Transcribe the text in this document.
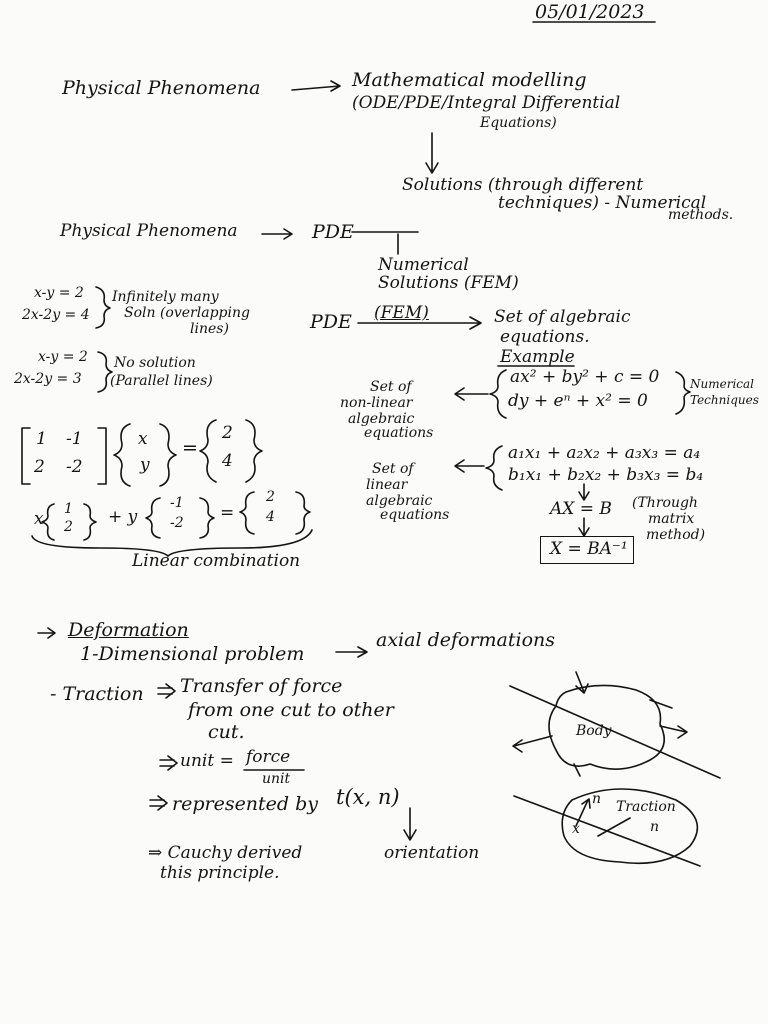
05/01/2023
Physical Phenomena	Mathematical modelling
(ODE/PDE/Integral Differential
Equations)
Solutions (through different
techniques) - Numerical
methods.
Physical Phenomena	PDE
Numerical
Solutions (FEM)
x-y = 2
2x-2y = 4
Infinitely many
Soln (overlapping
lines)
x-y = 2
2x-2y = 3
No solution
(Parallel lines)
1 -1
2 -2
x
y
=
2
4
x 1
2 + y
-1
-2 =
2
4
Linear combination
PDE (FEM)	Set of algebraic
equations.
Example
Set of
non-linear
algebraic
equations
ax² + by² + c = 0
dy + eⁿ + x² = 0
Numerical
Techniques
Set of
linear
algebraic
equations
a₁x₁ + a₂x₂ + a₃x₃ = a₄
b₁x₁ + b₂x₂ + b₃x₃ = b₄
AX = B (Through
matrix
method)
X = BA⁻¹
Deformation
1-Dimensional problem
axial deformations
- Traction Transfer of force
from one cut to other
cut.
unit = force
unit
represented by t(x, n)
orientation
⇒ Cauchy derived
this principle.
Body
Traction
x
n
n
